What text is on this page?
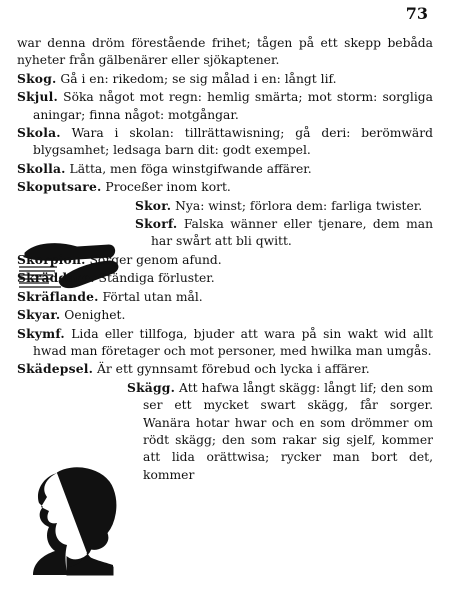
73

war denna dröm förestående frihet; tågen på ett skepp bebåda nyheter från gälbenärer eller sjökaptener.

Skog. Gå i en: rikedom; se sig målad i en: långt lif.

Skjul. Söka något mot regn: hemlig smärta; mot storm: sorgliga aningar; finna något: motgångar.

Skola. Wara i skolan: tillrättawisning; gå deri: berömwärd blygsamhet; ledsaga barn dit: godt exempel.

Skolla. Lätta, men föga winstgifwande affärer.

Skoputsare. Proceßer inom kort.

Skor. Nya: winst; förlora dem: farliga twister.

Skorf. Falska wänner eller tjenare, dem man har swårt att bli qwitt.

Skorpion. Sorger genom afund.

Skräddare. Ständiga förluster.

Skräflande. Förtal utan mål.

Skyar. Oenighet.

Skymf. Lida eller tillfoga, bjuder att wara på sin wakt wid allt hwad man företager och mot personer, med hwilka man umgås.

Skädepsel. Är ett gynnsamt förebud och lycka i affärer.

Skägg. Att hafwa långt skägg: långt lif; den som ser ett mycket swart skägg, får sorger. Wanära hotar hwar och en som drömmer om rödt skägg; den som rakar sig sjelf, kommer att lida orättwisa; rycker man bort det, kommer
